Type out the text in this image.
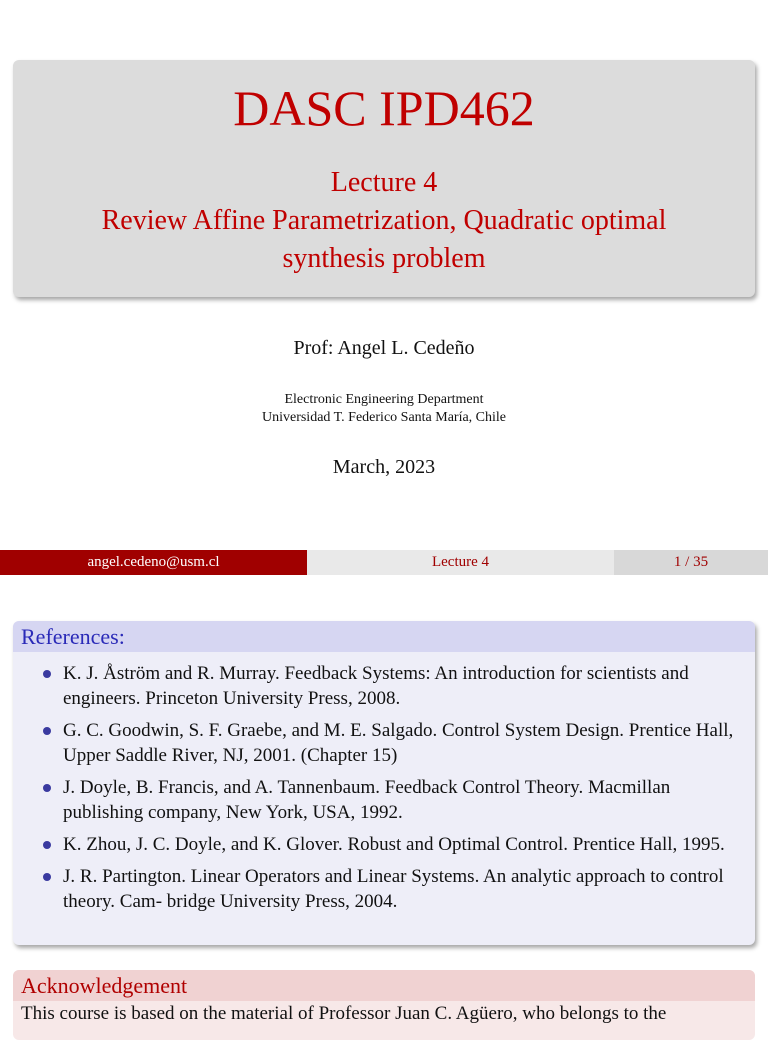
DASC IPD462
Lecture 4
Review Affine Parametrization, Quadratic optimal
synthesis problem
Prof: Angel L. Cedeño
Electronic Engineering Department
Universidad T. Federico Santa María, Chile
March, 2023
angel.cedeno@usm.cl	Lecture 4	1 / 35
References:
K. J. Åström and R. Murray. Feedback Systems: An introduction for scientists and engineers. Princeton University Press, 2008.
G. C. Goodwin, S. F. Graebe, and M. E. Salgado. Control System Design. Prentice Hall, Upper Saddle River, NJ, 2001. (Chapter 15)
J. Doyle, B. Francis, and A. Tannenbaum. Feedback Control Theory. Macmillan publishing company, New York, USA, 1992.
K. Zhou, J. C. Doyle, and K. Glover. Robust and Optimal Control. Prentice Hall, 1995.
J. R. Partington. Linear Operators and Linear Systems. An analytic approach to control theory. Cam- bridge University Press, 2004.
Acknowledgement
This course is based on the material of Professor Juan C. Agüero, who belongs to the
